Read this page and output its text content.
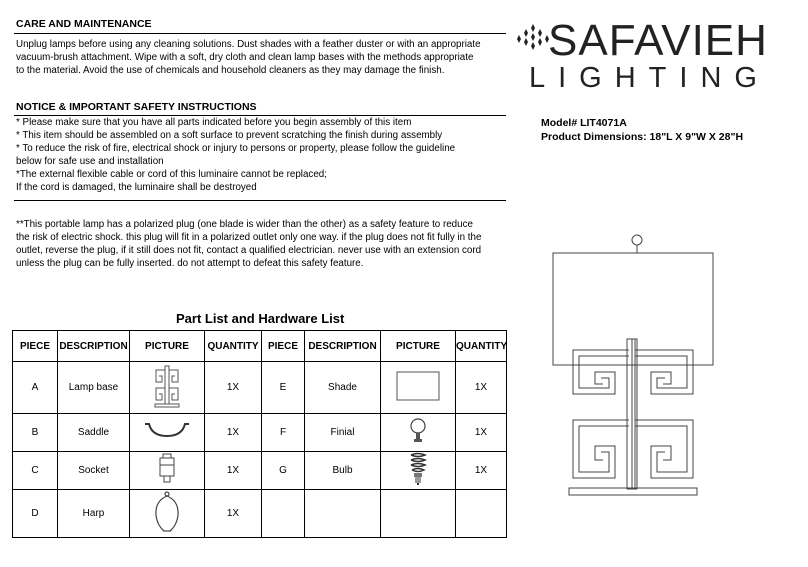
CARE AND MAINTENANCE
Unplug lamps before using any cleaning solutions. Dust shades with a feather duster or with an appropriate
vacuum-brush attachment. Wipe with a soft, dry cloth and clean lamp bases with the methods appropriate
to the material. Avoid the use of chemicals and household cleaners as they may damage the finish.
NOTICE & IMPORTANT SAFETY INSTRUCTIONS
* Please make sure that you have all parts indicated before you begin assembly of this item
* This item should be assembled on a soft surface to prevent scratching the finish during assembly
* To reduce the risk of fire, electrical shock or injury to persons or property, please follow the guideline
below for safe use and installation
*The external flexible cable or cord of this luminaire cannot be replaced;
If the cord is damaged, the luminaire shall be destroyed
**This portable lamp has a polarized plug (one blade is wider than the other) as a safety feature to reduce
the risk of electric shock. this plug will fit in a polarized outlet only one way. if the plug does not fit fully in the
outlet, reverse the plug, if it still does not fit, contact a qualified electrician. never use with an extension cord
unless the plug can be fully inserted. do not attempt to defeat this safety feature.
SAFAVIEH
LIGHTING
Model# LIT4071A
Product Dimensions: 18"L X 9"W X 28"H
Part List and Hardware List
PIECE	DESCRIPTION	PICTURE	QUANTITY	PIECE	DESCRIPTION	PICTURE	QUANTITY
A	Lamp base		1X	E	Shade		1X
B	Saddle		1X	F	Finial		1X
C	Socket		1X	G	Bulb		1X
D	Harp		1X				
